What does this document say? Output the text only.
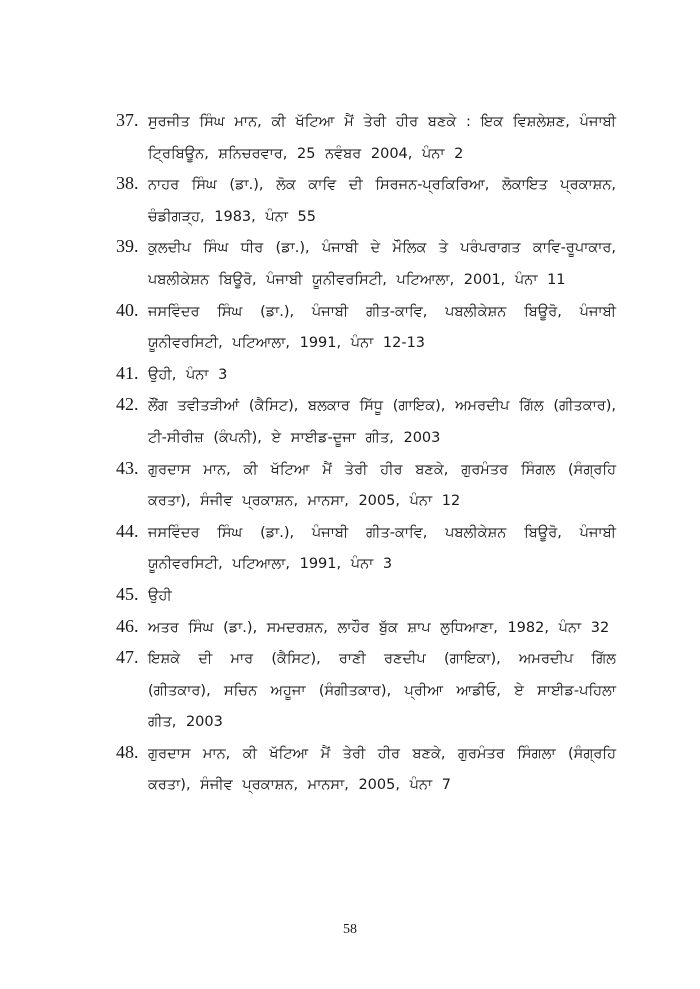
37. ਸੁਰਜੀਤ ਸਿੰਘ ਮਾਨ, ਕੀ ਖੱਟਿਆ ਮੈਂ ਤੇਰੀ ਹੀਰ ਬਣਕੇ : ਇਕ ਵਿਸ਼ਲੇਸ਼ਣ, ਪੰਜਾਬੀ ਟ੍ਰਿਬਿਊਨ, ਸ਼ਨਿਚਰਵਾਰ, 25 ਨਵੰਬਰ 2004, ਪੰਨਾ 2
38. ਨਾਹਰ ਸਿੰਘ (ਡਾ.), ਲੋਕ ਕਾਵਿ ਦੀ ਸਿਰਜਨ-ਪ੍ਰਕਿਰਿਆ, ਲੋਕਾਇਤ ਪ੍ਰਕਾਸ਼ਨ, ਚੰਡੀਗੜ੍ਹ, 1983, ਪੰਨਾ 55
39. ਕੁਲਦੀਪ ਸਿੰਘ ਧੀਰ (ਡਾ.), ਪੰਜਾਬੀ ਦੇ ਮੌਲਿਕ ਤੇ ਪਰੰਪਰਾਗਤ ਕਾਵਿ-ਰੂਪਾਕਾਰ, ਪਬਲੀਕੇਸ਼ਨ ਬਿਊਰੋ, ਪੰਜਾਬੀ ਯੂਨੀਵਰਸਿਟੀ, ਪਟਿਆਲਾ, 2001, ਪੰਨਾ 11
40. ਜਸਵਿੰਦਰ ਸਿੰਘ (ਡਾ.), ਪੰਜਾਬੀ ਗੀਤ-ਕਾਵਿ, ਪਬਲੀਕੇਸ਼ਨ ਬਿਊਰੋ, ਪੰਜਾਬੀ ਯੂਨੀਵਰਸਿਟੀ, ਪਟਿਆਲਾ, 1991, ਪੰਨਾ 12-13
41. ਉਹੀ, ਪੰਨਾ 3
42. ਲੌਂਗ ਤਵੀਤੜੀਆਂ (ਕੈਸਿਟ), ਬਲਕਾਰ ਸਿੱਧੂ (ਗਾਇਕ), ਅਮਰਦੀਪ ਗਿੱਲ (ਗੀਤਕਾਰ), ਟੀ-ਸੀਰੀਜ਼ (ਕੰਪਨੀ), ਏ ਸਾਈਡ-ਦੂਜਾ ਗੀਤ, 2003
43. ਗੁਰਦਾਸ ਮਾਨ, ਕੀ ਖੱਟਿਆ ਮੈਂ ਤੇਰੀ ਹੀਰ ਬਣਕੇ, ਗੁਰਮੰਤਰ ਸਿੰਗਲ (ਸੰਗ੍ਰਹਿ ਕਰਤਾ), ਸੰਜੀਵ ਪ੍ਰਕਾਸ਼ਨ, ਮਾਨਸਾ, 2005, ਪੰਨਾ 12
44. ਜਸਵਿੰਦਰ ਸਿੰਘ (ਡਾ.), ਪੰਜਾਬੀ ਗੀਤ-ਕਾਵਿ, ਪਬਲੀਕੇਸ਼ਨ ਬਿਊਰੋ, ਪੰਜਾਬੀ ਯੂਨੀਵਰਸਿਟੀ, ਪਟਿਆਲਾ, 1991, ਪੰਨਾ 3
45. ਉਹੀ
46. ਅਤਰ ਸਿੰਘ (ਡਾ.), ਸਮਦਰਸ਼ਨ, ਲਾਹੌਰ ਬੁੱਕ ਸ਼ਾਪ ਲੁਧਿਆਣਾ, 1982, ਪੰਨਾ 32
47. ਇਸ਼ਕੇ ਦੀ ਮਾਰ (ਕੈਸਿਟ), ਰਾਣੀ ਰਣਦੀਪ (ਗਾਇਕਾ), ਅਮਰਦੀਪ ਗਿੱਲ (ਗੀਤਕਾਰ), ਸਚਿਨ ਅਹੂਜਾ (ਸੰਗੀਤਕਾਰ), ਪ੍ਰੀਆ ਆਡੀਓ, ਏ ਸਾਈਡ-ਪਹਿਲਾ ਗੀਤ, 2003
48. ਗੁਰਦਾਸ ਮਾਨ, ਕੀ ਖੱਟਿਆ ਮੈਂ ਤੇਰੀ ਹੀਰ ਬਣਕੇ, ਗੁਰਮੰਤਰ ਸਿੰਗਲਾ (ਸੰਗ੍ਰਹਿ ਕਰਤਾ), ਸੰਜੀਵ ਪ੍ਰਕਾਸ਼ਨ, ਮਾਨਸਾ, 2005, ਪੰਨਾ 7
58
